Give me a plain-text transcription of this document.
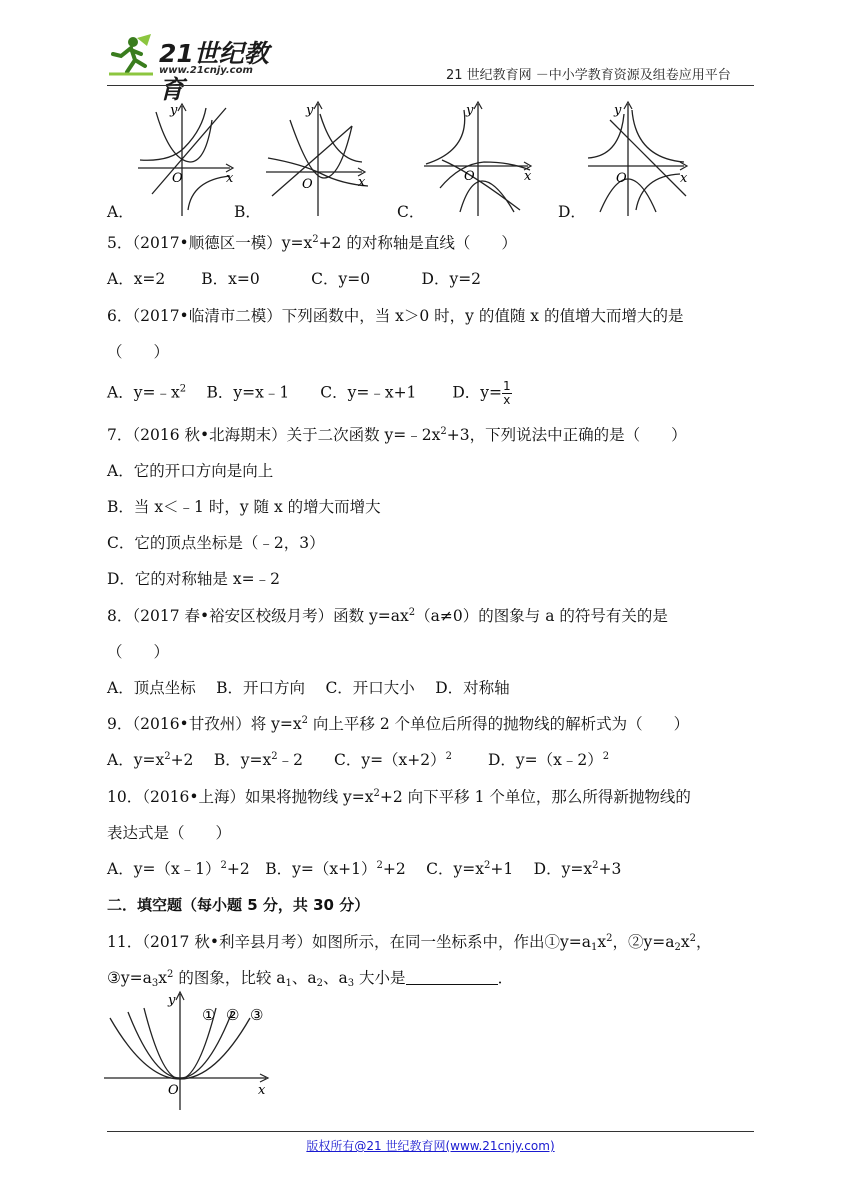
21世纪教育
www.21cnjy.com	21 世纪教育网 －中小学教育资源及组卷应用平台
O	x
y
O	x
y
O	x
y
O	x
y
A．	B．	C．	D．
5．（2017•顺德区一模）$y=x^2+2$ 的对称轴是直线（　　）
A．x=2　　 B．x=0　　　 C．y=0　　　 D．y=2
6．（2017•临清市二模）下列函数中，当 x＞0 时，y 的值随 x 的值增大而增大的是
（　　）
A．$y=﹣x^2$　 B．y=x﹣1　　C．y=﹣x+1　　 D．$y= \frac{1}{x}$
7．（2016 秋•北海期末）关于二次函数 $y=﹣2x^2+3$，下列说法中正确的是（　　）
A．它的开口方向是向上
B．当 x＜﹣1 时，y 随 x 的增大而增大
C．它的顶点坐标是（﹣2，3）
D．它的对称轴是 x=﹣2
8．（2017 春•裕安区校级月考）函数 $y=ax^2(a\ne 0)$的图象与 a 的符号有关的是
（　　）
A．顶点坐标　 B．开口方向　 C．开口大小　 D．对称轴
9．（2016•甘孜州）将 $y=x^2$ 向上平移 2 个单位后所得的抛物线的解析式为（　　）
A．$y=x^2+2$　 B．$y=x^2﹣2$　　C．$y=(x+2)^2$　　 D．y=（x﹣2）$^2$
10．（2016•上海）如果将抛物线 $y=x^2+2$ 向下平移 1 个单位，那么所得新抛物线的
表达式是（　　）
A．y=（x﹣1）$^2$+2　B．$y=(x+1)^2+2$　 C．$y=x^2+1$　 D．$y=x^2+3$
二．填空题（每小题 5 分，共 30 分）
11．（2017 秋•利辛县月考）如图所示，在同一坐标系中，作出$①y=a_1x^2$，$②y=a_2x^2$，
$③y=a_3x^2$ 的图象，比较 $a_1$、$a_2$、$a_3$ 大小是	．
O	x
y
① ② ③
版权所有@21 世纪教育网(www.21cnjy.com)
